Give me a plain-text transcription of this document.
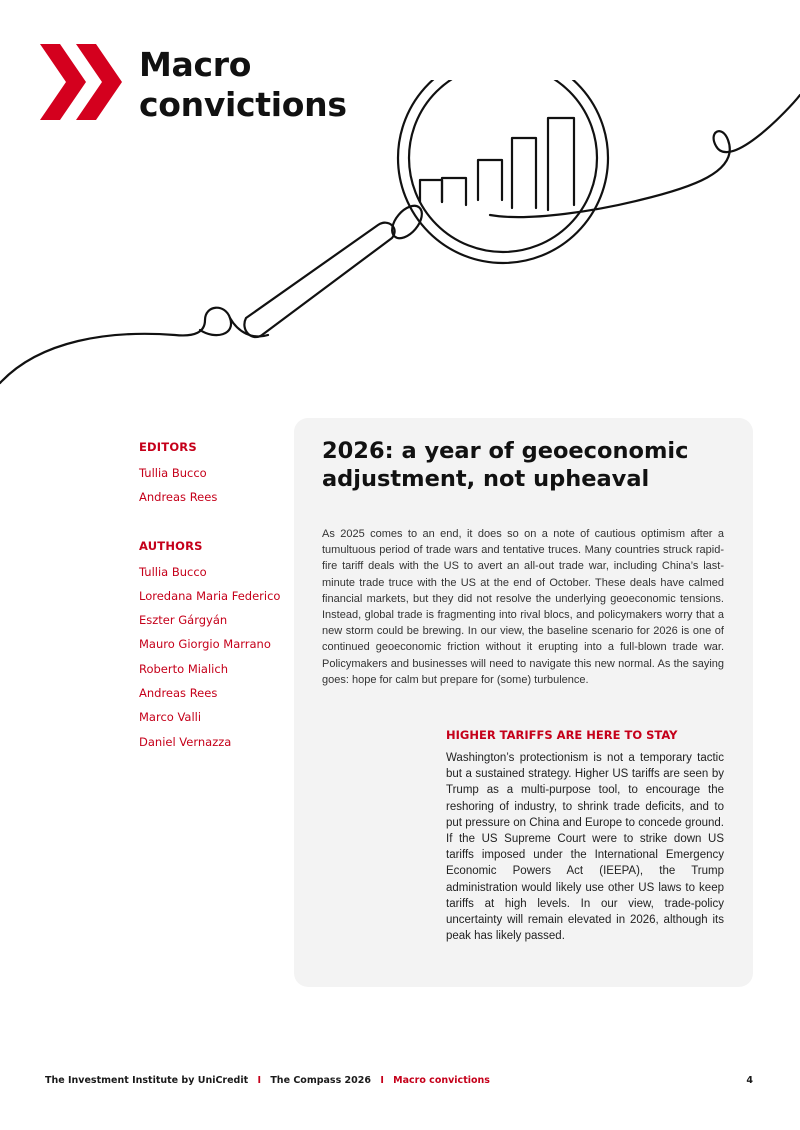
Macro
convictions
EDITORS
Tullia Bucco
Andreas Rees
AUTHORS
Tullia Bucco
Loredana Maria Federico
Eszter Gárgyán
Mauro Giorgio Marrano
Roberto Mialich
Andreas Rees
Marco Valli
Daniel Vernazza
2026: a year of geoeconomic
adjustment, not upheaval

As 2025 comes to an end, it does so on a note of cautious optimism after a tumultuous period of trade wars and tentative truces. Many countries struck rapid-fire tariff deals with the US to avert an all-out trade war, including China’s last-minute trade truce with the US at the end of October. These deals have calmed financial markets, but they did not resolve the underlying geoeconomic tensions. Instead, global trade is fragmenting into rival blocs, and policymakers worry that a new storm could be brewing. In our view, the baseline scenario for 2026 is one of continued geoeconomic friction without it erupting into a full-blown trade war. Policymakers and businesses will need to navigate this new normal. As the saying goes: hope for calm but prepare for (some) turbulence.

HIGHER TARIFFS ARE HERE TO STAY

Washington’s protectionism is not a temporary tactic but a sustained strategy. Higher US tariffs are seen by Trump as a multi-purpose tool, to encourage the reshoring of industry, to shrink trade deficits, and to put pressure on China and Europe to concede ground. If the US Supreme Court were to strike down US tariffs imposed under the International Emergency Economic Powers Act (IEEPA), the Trump administration would likely use other US laws to keep tariffs at high levels. In our view, trade-policy uncertainty will remain elevated in 2026, although its peak has likely passed.

The Investment Institute by UniCredit I The Compass 2026 I Macro convictions	4
